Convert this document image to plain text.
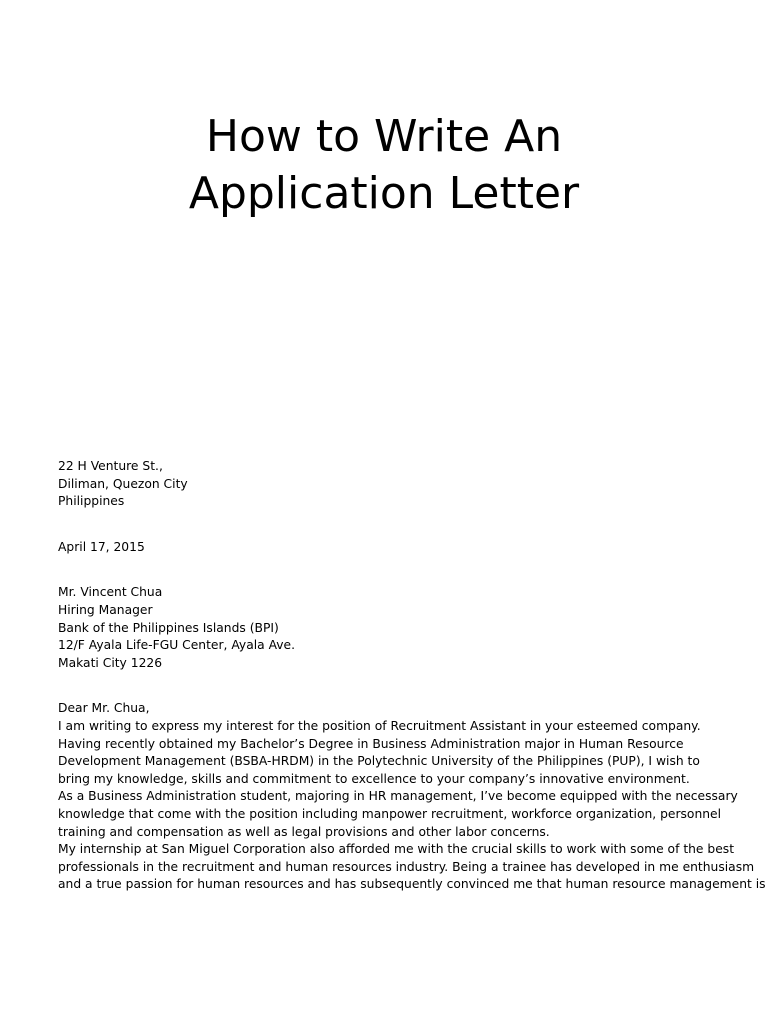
How to Write An
Application Letter
22 H Venture St.,
Diliman, Quezon City
Philippines
April 17, 2015
Mr. Vincent Chua
Hiring Manager
Bank of the Philippines Islands (BPI)
12/F Ayala Life-FGU Center, Ayala Ave.
Makati City 1226
Dear Mr. Chua,
I am writing to express my interest for the position of Recruitment Assistant in your esteemed company.
Having recently obtained my Bachelor’s Degree in Business Administration major in Human Resource
Development Management (BSBA-HRDM) in the Polytechnic University of the Philippines (PUP), I wish to
bring my knowledge, skills and commitment to excellence to your company’s innovative environment.
As a Business Administration student, majoring in HR management, I’ve become equipped with the necessary
knowledge that come with the position including manpower recruitment, workforce organization, personnel
training and compensation as well as legal provisions and other labor concerns.
My internship at San Miguel Corporation also afforded me with the crucial skills to work with some of the best
professionals in the recruitment and human resources industry. Being a trainee has developed in me enthusiasm
and a true passion for human resources and has subsequently convinced me that human resource management is
